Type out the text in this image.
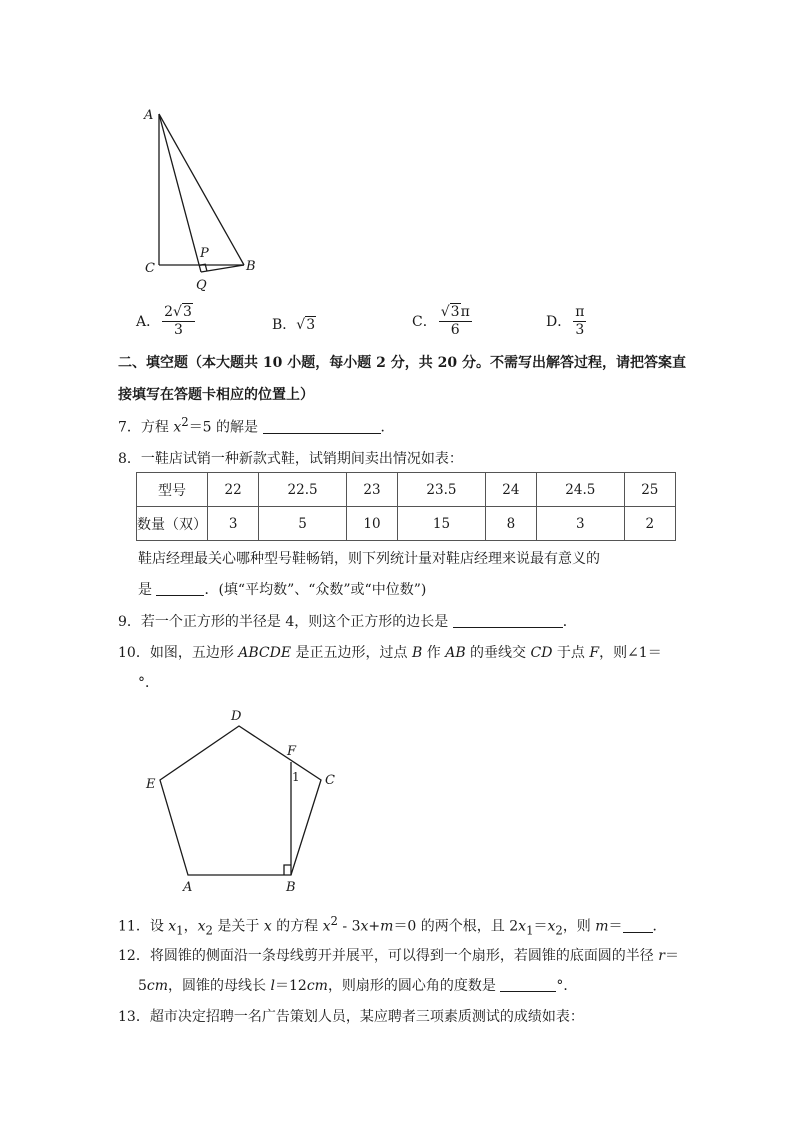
A
C	B
P
Q
A． $\frac{2√3}{3}$	B．√3	C． $\frac{√3\pi}{6}$	D． $\frac{\pi}{3}$
二、填空题（本大题共 10 小题，每小题 2 分，共 20 分。不需写出解答过程，请把答案直
接填写在答题卡相应的位置上）
7．方程 $x^2=5$ 的解是	．
8．一鞋店试销一种新款式鞋，试销期间卖出情况如表：
型号	22	22.5	23	23.5	24	24.5	25
数量（双）	3	5	10	15	8	3	2
鞋店经理最关心哪种型号鞋畅销，则下列统计量对鞋店经理来说最有意义的
是	．(填“平均数”、“众数”或“中位数”)
9．若一个正方形的半径是 4，则这个正方形的边长是	．
10．如图，五边形 ABCDE 是正五边形，过点 B 作 AB 的垂线交 CD 于点 F，则∠1＝
°．
D
E
F
C
A	B
1
11．设 $x_1$，$x_2$ 是关于 x 的方程 $x^2 - 3x+m=0$ 的两个根，且 $2x_1=x_2$，则 m＝ ．
12．将圆锥的侧面沿一条母线剪开并展平，可以得到一个扇形，若圆锥的底面圆的半径 r＝
5cm，圆锥的母线长 l＝12cm，则扇形的圆心角的度数是	°．
13．超市决定招聘一名广告策划人员，某应聘者三项素质测试的成绩如表：
